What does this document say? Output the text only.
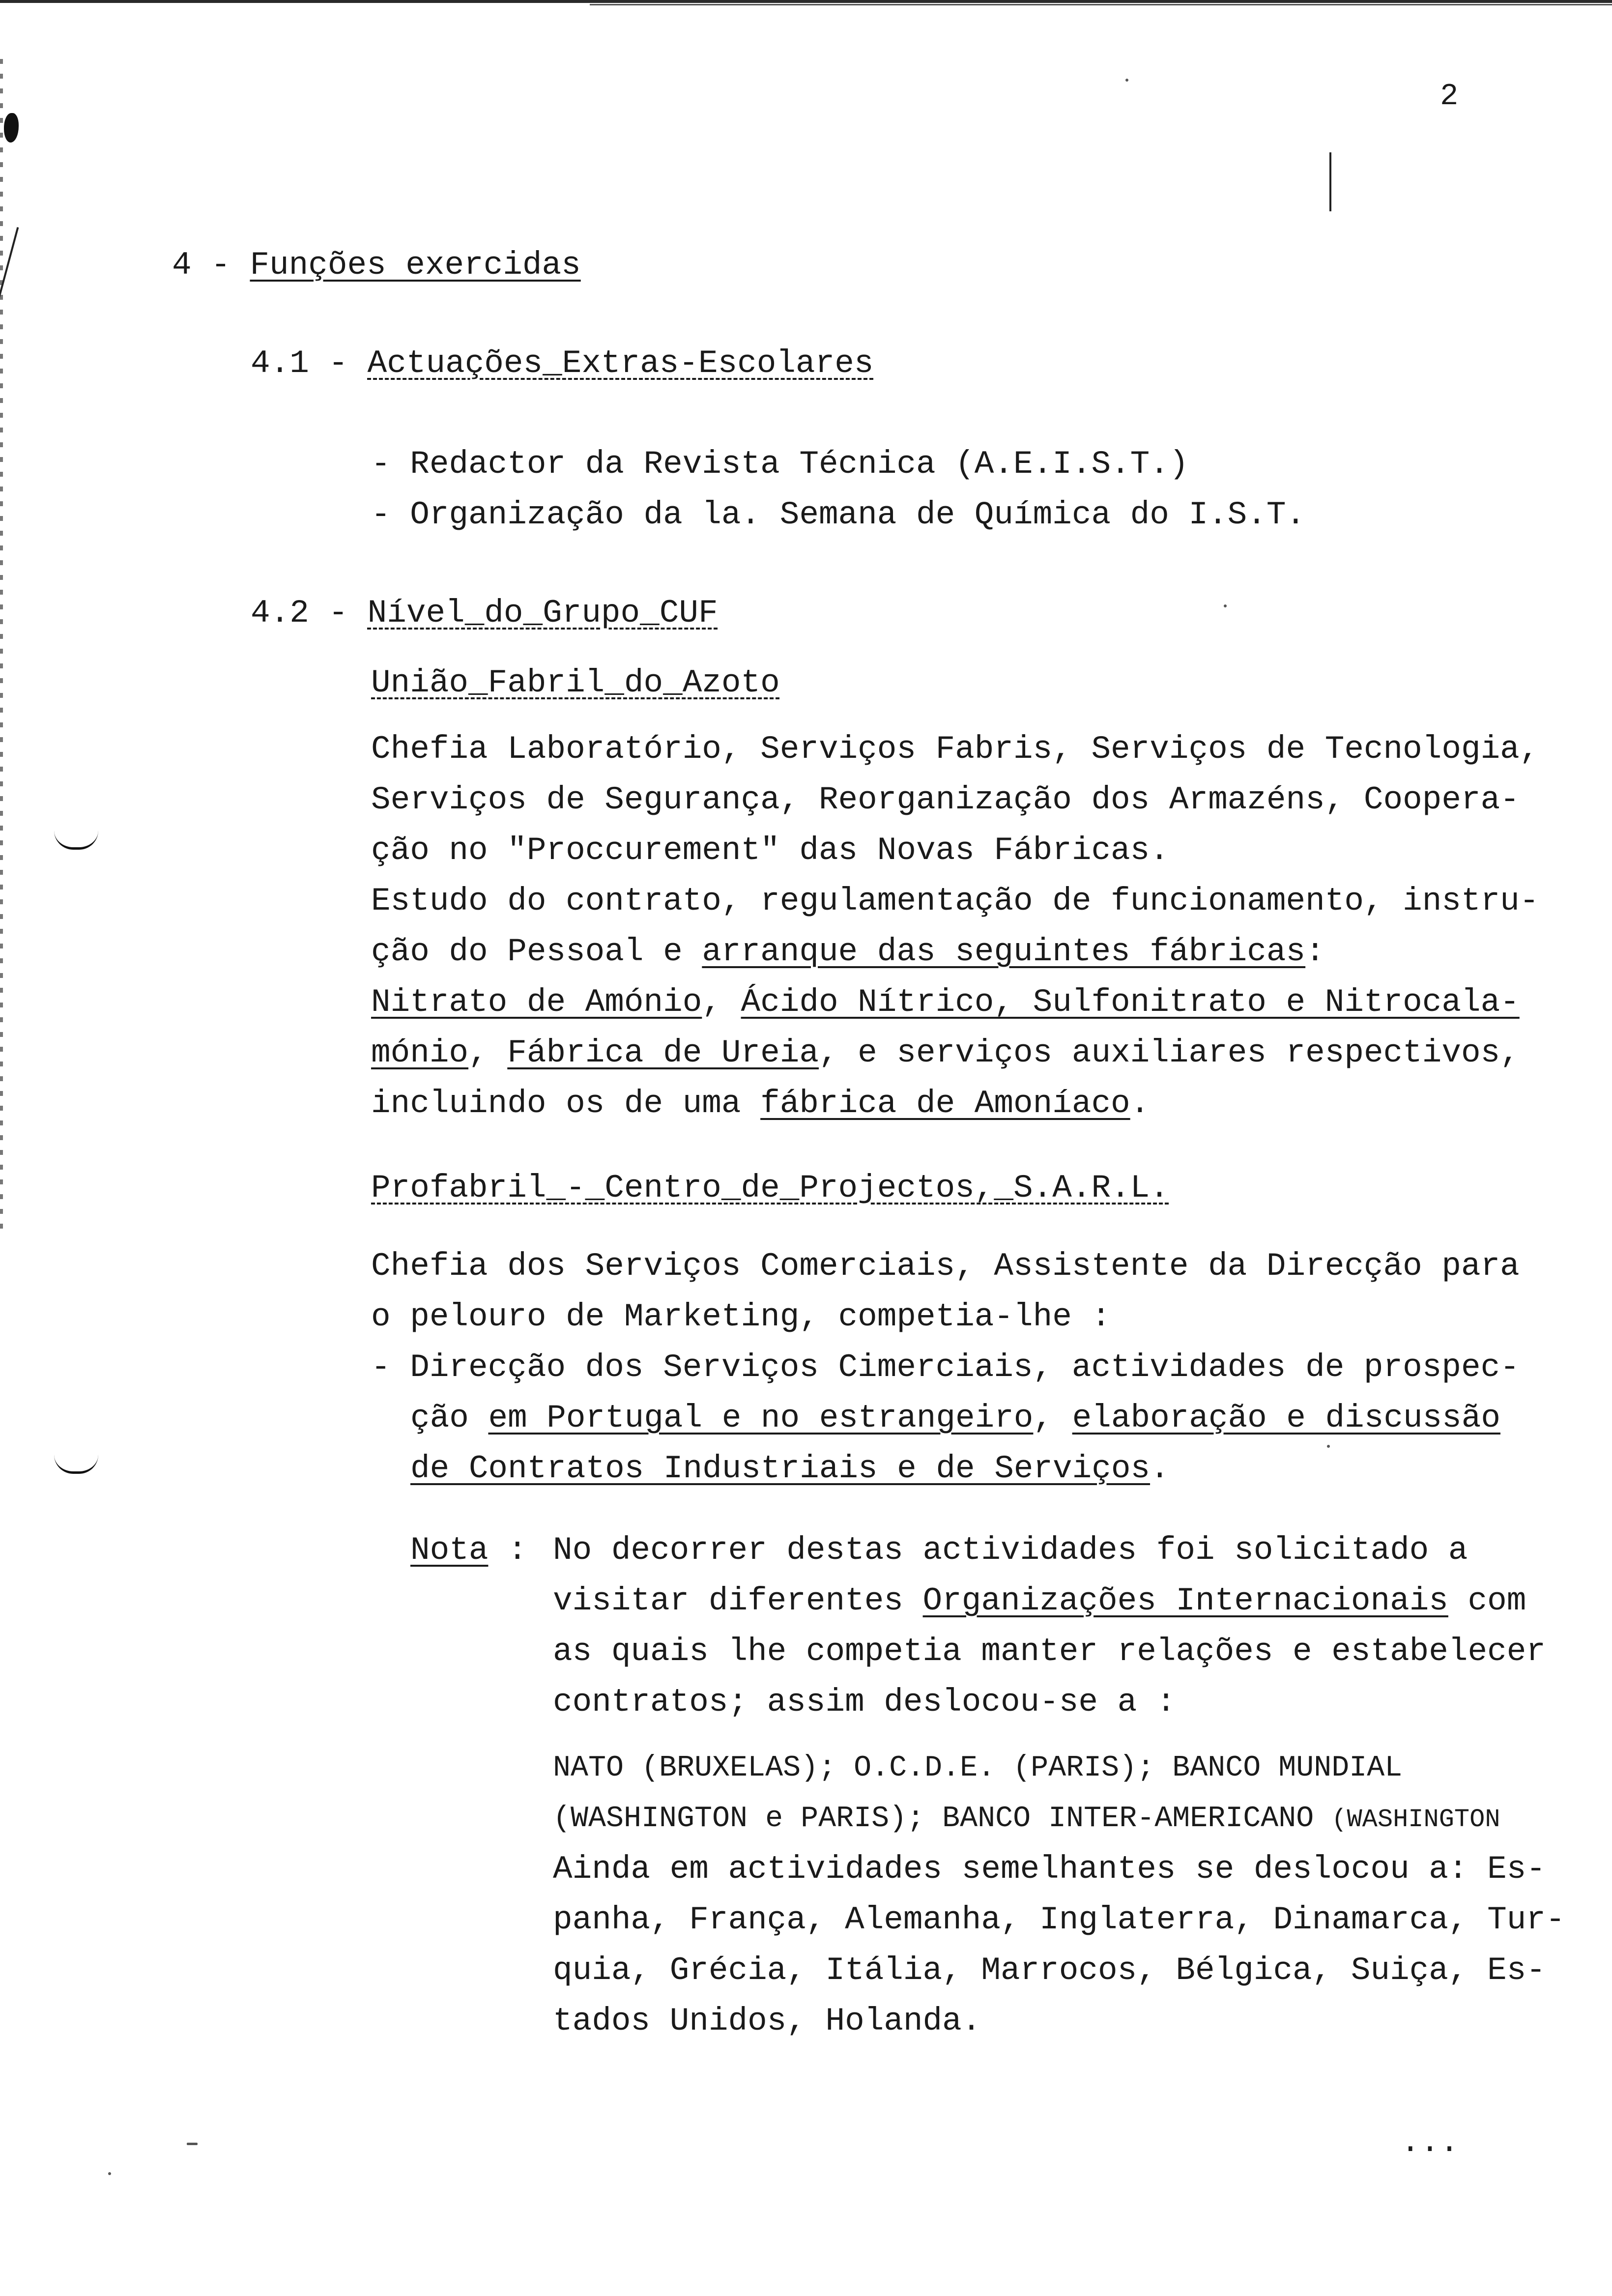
2
4 - Funções exercidas
4.1 - Actuações_Extras-Escolares
- Redactor da Revista Técnica (A.E.I.S.T.)
- Organização da la. Semana de Química do I.S.T.
4.2 - Nível_do_Grupo_CUF
União_Fabril_do_Azoto
Chefia Laboratório, Serviços Fabris, Serviços de Tecnologia,
Serviços de Segurança, Reorganização dos Armazéns, Coopera-
ção no "Proccurement" das Novas Fábricas.
Estudo do contrato, regulamentação de funcionamento, instru-
ção do Pessoal e arranque das seguintes fábricas:
Nitrato de Amónio, Ácido Nítrico, Sulfonitrato e Nitrocala-
mónio, Fábrica de Ureia, e serviços auxiliares respectivos,
incluindo os de uma fábrica de Amoníaco.
Profabril_-_Centro_de_Projectos,_S.A.R.L.
Chefia dos Serviços Comerciais, Assistente da Direcção para
o pelouro de Marketing, competia-lhe :
- Direcção dos Serviços Cimerciais, actividades de prospec-
ção em Portugal e no estrangeiro, elaboração e discussão
de Contratos Industriais e de Serviços.
Nota : No decorrer destas actividades foi solicitado a
visitar diferentes Organizações Internacionais com
as quais lhe competia manter relações e estabelecer
contratos; assim deslocou-se a :
NATO (BRUXELAS); O.C.D.E. (PARIS); BANCO MUNDIAL
(WASHINGTON e PARIS); BANCO INTER-AMERICANO (WASHINGTON
Ainda em actividades semelhantes se deslocou a: Es-
panha, França, Alemanha, Inglaterra, Dinamarca, Tur-
quia, Grécia, Itália, Marrocos, Bélgica, Suiça, Es-
tados Unidos, Holanda.
...
